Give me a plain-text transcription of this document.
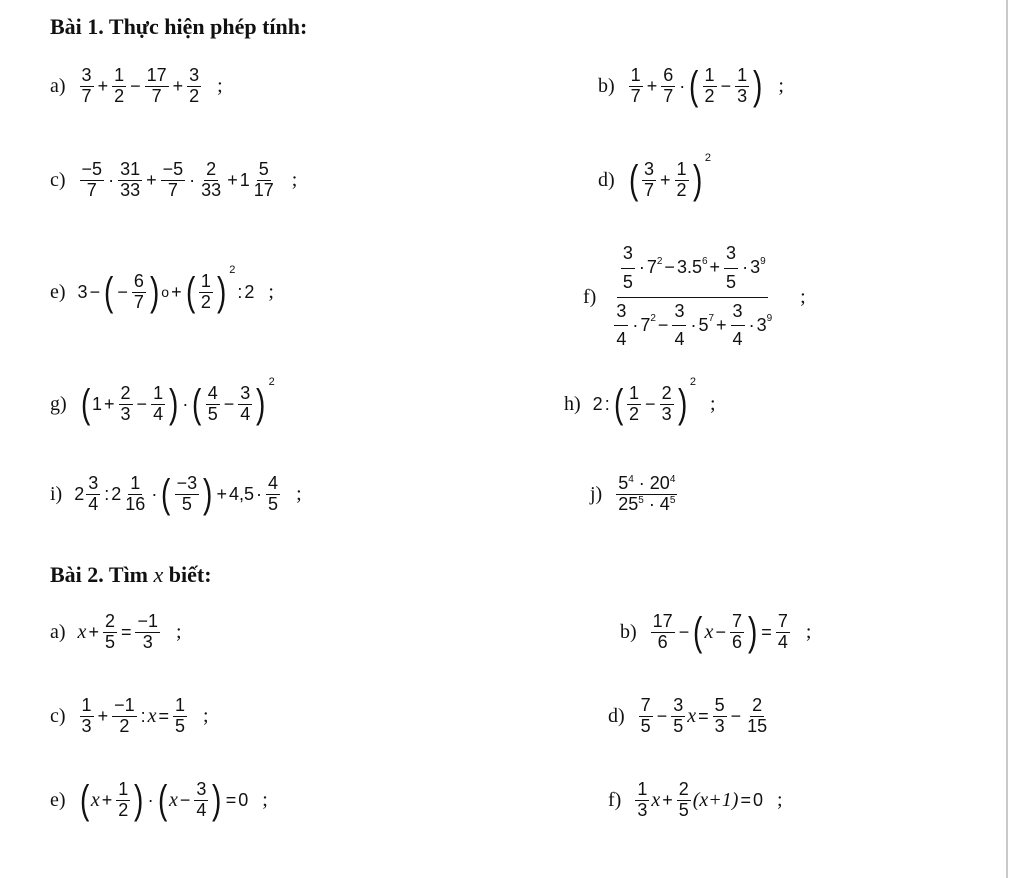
Bài 1. Thực hiện phép tính:
$a) \frac{3}{7} + \frac{1}{2} - \frac{17}{7} + \frac{3}{2}$ ;	$b) \frac{1}{7} + \frac{6}{7}$ · ( $\frac{1}{2} - \frac{1}{3}$ ) ;
$c) \frac{-5}{7} \cdot \frac{31}{33} + \frac{-5}{7} \cdot \frac{2}{33} + 1 \frac{5}{17}$ ;	d) ( $\frac{3}{7} + \frac{1}{2}$ ) 2
e) 3 − ( − $\frac{6}{7}$ ) o + ( $\frac{1}{2}$ ) 2
: 2 ;	$f) \frac{\frac{3}{5} \cdot 7 2 - 3.5 6 + \frac{3}{5} \cdot 3 9}{\frac{3}{4} \cdot 7 2 - \frac{3}{4} \cdot 5 7 + \frac{3}{4} \cdot 3 9}$ ;
g) ( $1 + \frac{2}{3} - \frac{1}{4}$ ) · ( $\frac{4}{5} - \frac{3}{4}$ ) 2
h) 2 : ( $\frac{1}{2} - \frac{2}{3}$ ) 2
;
i) $2 \frac{3}{4}$ : $2 \frac{1}{16}$ · ( $\frac{-3}{5}$ ) + $4,5 \cdot \frac{4}{5}$ ;	$j) \frac{5^4 \cdot 20^4}{25^5 \cdot 4^5}$
Bài 2. Tìm x biết:
a) $x + \frac{2}{5} = \frac{-1}{3}$ ;	$b) \frac{17}{6}$ − ( $x - \frac{7}{6}$ ) = $\frac{7}{4}$ ;
$c) \frac{1}{3} + \frac{-1}{2}$ : $x = \frac{1}{5}$ ;	$d) \frac{7}{5} - \frac{3}{5}$ $x = \frac{5}{3} - \frac{2}{15}$
e) ( $x + \frac{1}{2}$ ) · ( $x - \frac{3}{4}$ ) = 0 ;	$f) \frac{1}{3}$ $x + \frac{2}{5} (x+1) = 0$ ;
